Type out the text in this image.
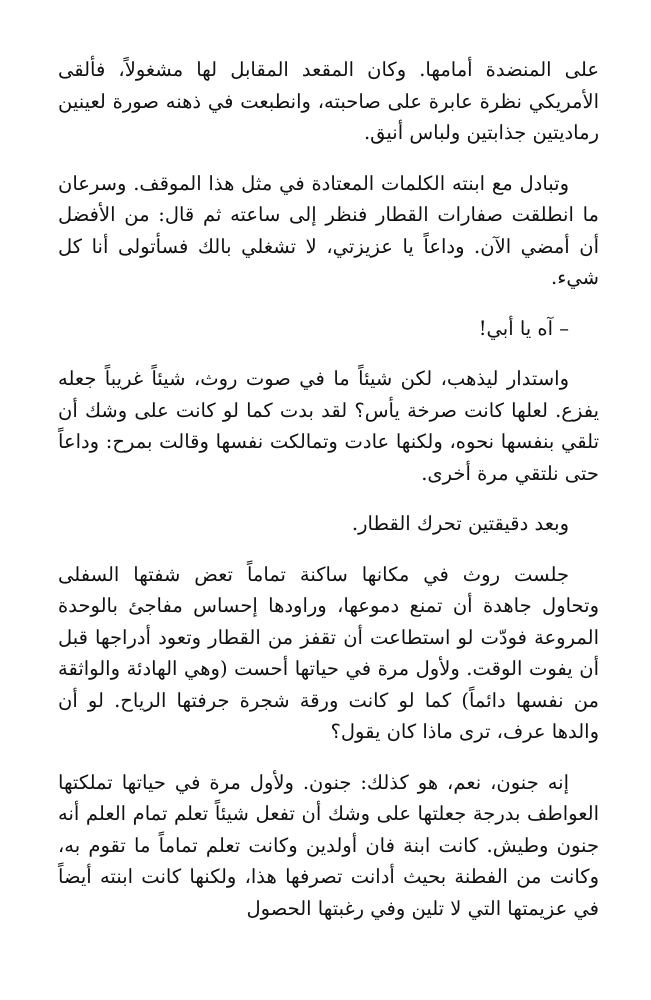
على المنضدة أمامها. وكان المقعد المقابل لها مشغولاً، فألقى الأمريكي نظرة عابرة على صاحبته، وانطبعت في ذهنه صورة لعينين رماديتين جذابتين ولباس أنيق.

وتبادل مع ابنته الكلمات المعتادة في مثل هذا الموقف. وسرعان ما انطلقت صفارات القطار فنظر إلى ساعته ثم قال: من الأفضل أن أمضي الآن. وداعاً يا عزيزتي، لا تشغلي بالك فسأتولى أنا كل شيء.

– آه يا أبي!

واستدار ليذهب، لكن شيئاً ما في صوت روث، شيئاً غريباً جعله يفزع. لعلها كانت صرخة يأس؟ لقد بدت كما لو كانت على وشك أن تلقي بنفسها نحوه، ولكنها عادت وتمالكت نفسها وقالت بمرح: وداعاً حتى نلتقي مرة أخرى.

وبعد دقيقتين تحرك القطار.

جلست روث في مكانها ساكنة تماماً تعض شفتها السفلى وتحاول جاهدة أن تمنع دموعها، وراودها إحساس مفاجئ بالوحدة المروعة فودّت لو استطاعت أن تقفز من القطار وتعود أدراجها قبل أن يفوت الوقت. ولأول مرة في حياتها أحست (وهي الهادئة والواثقة من نفسها دائماً) كما لو كانت ورقة شجرة جرفتها الرياح. لو أن والدها عرف، ترى ماذا كان يقول؟

إنه جنون، نعم، هو كذلك: جنون. ولأول مرة في حياتها تملكتها العواطف بدرجة جعلتها على وشك أن تفعل شيئاً تعلم تمام العلم أنه جنون وطيش. كانت ابنة فان أولدين وكانت تعلم تماماً ما تقوم به، وكانت من الفطنة بحيث أدانت تصرفها هذا، ولكنها كانت ابنته أيضاً في عزيمتها التي لا تلين وفي رغبتها الحصول
